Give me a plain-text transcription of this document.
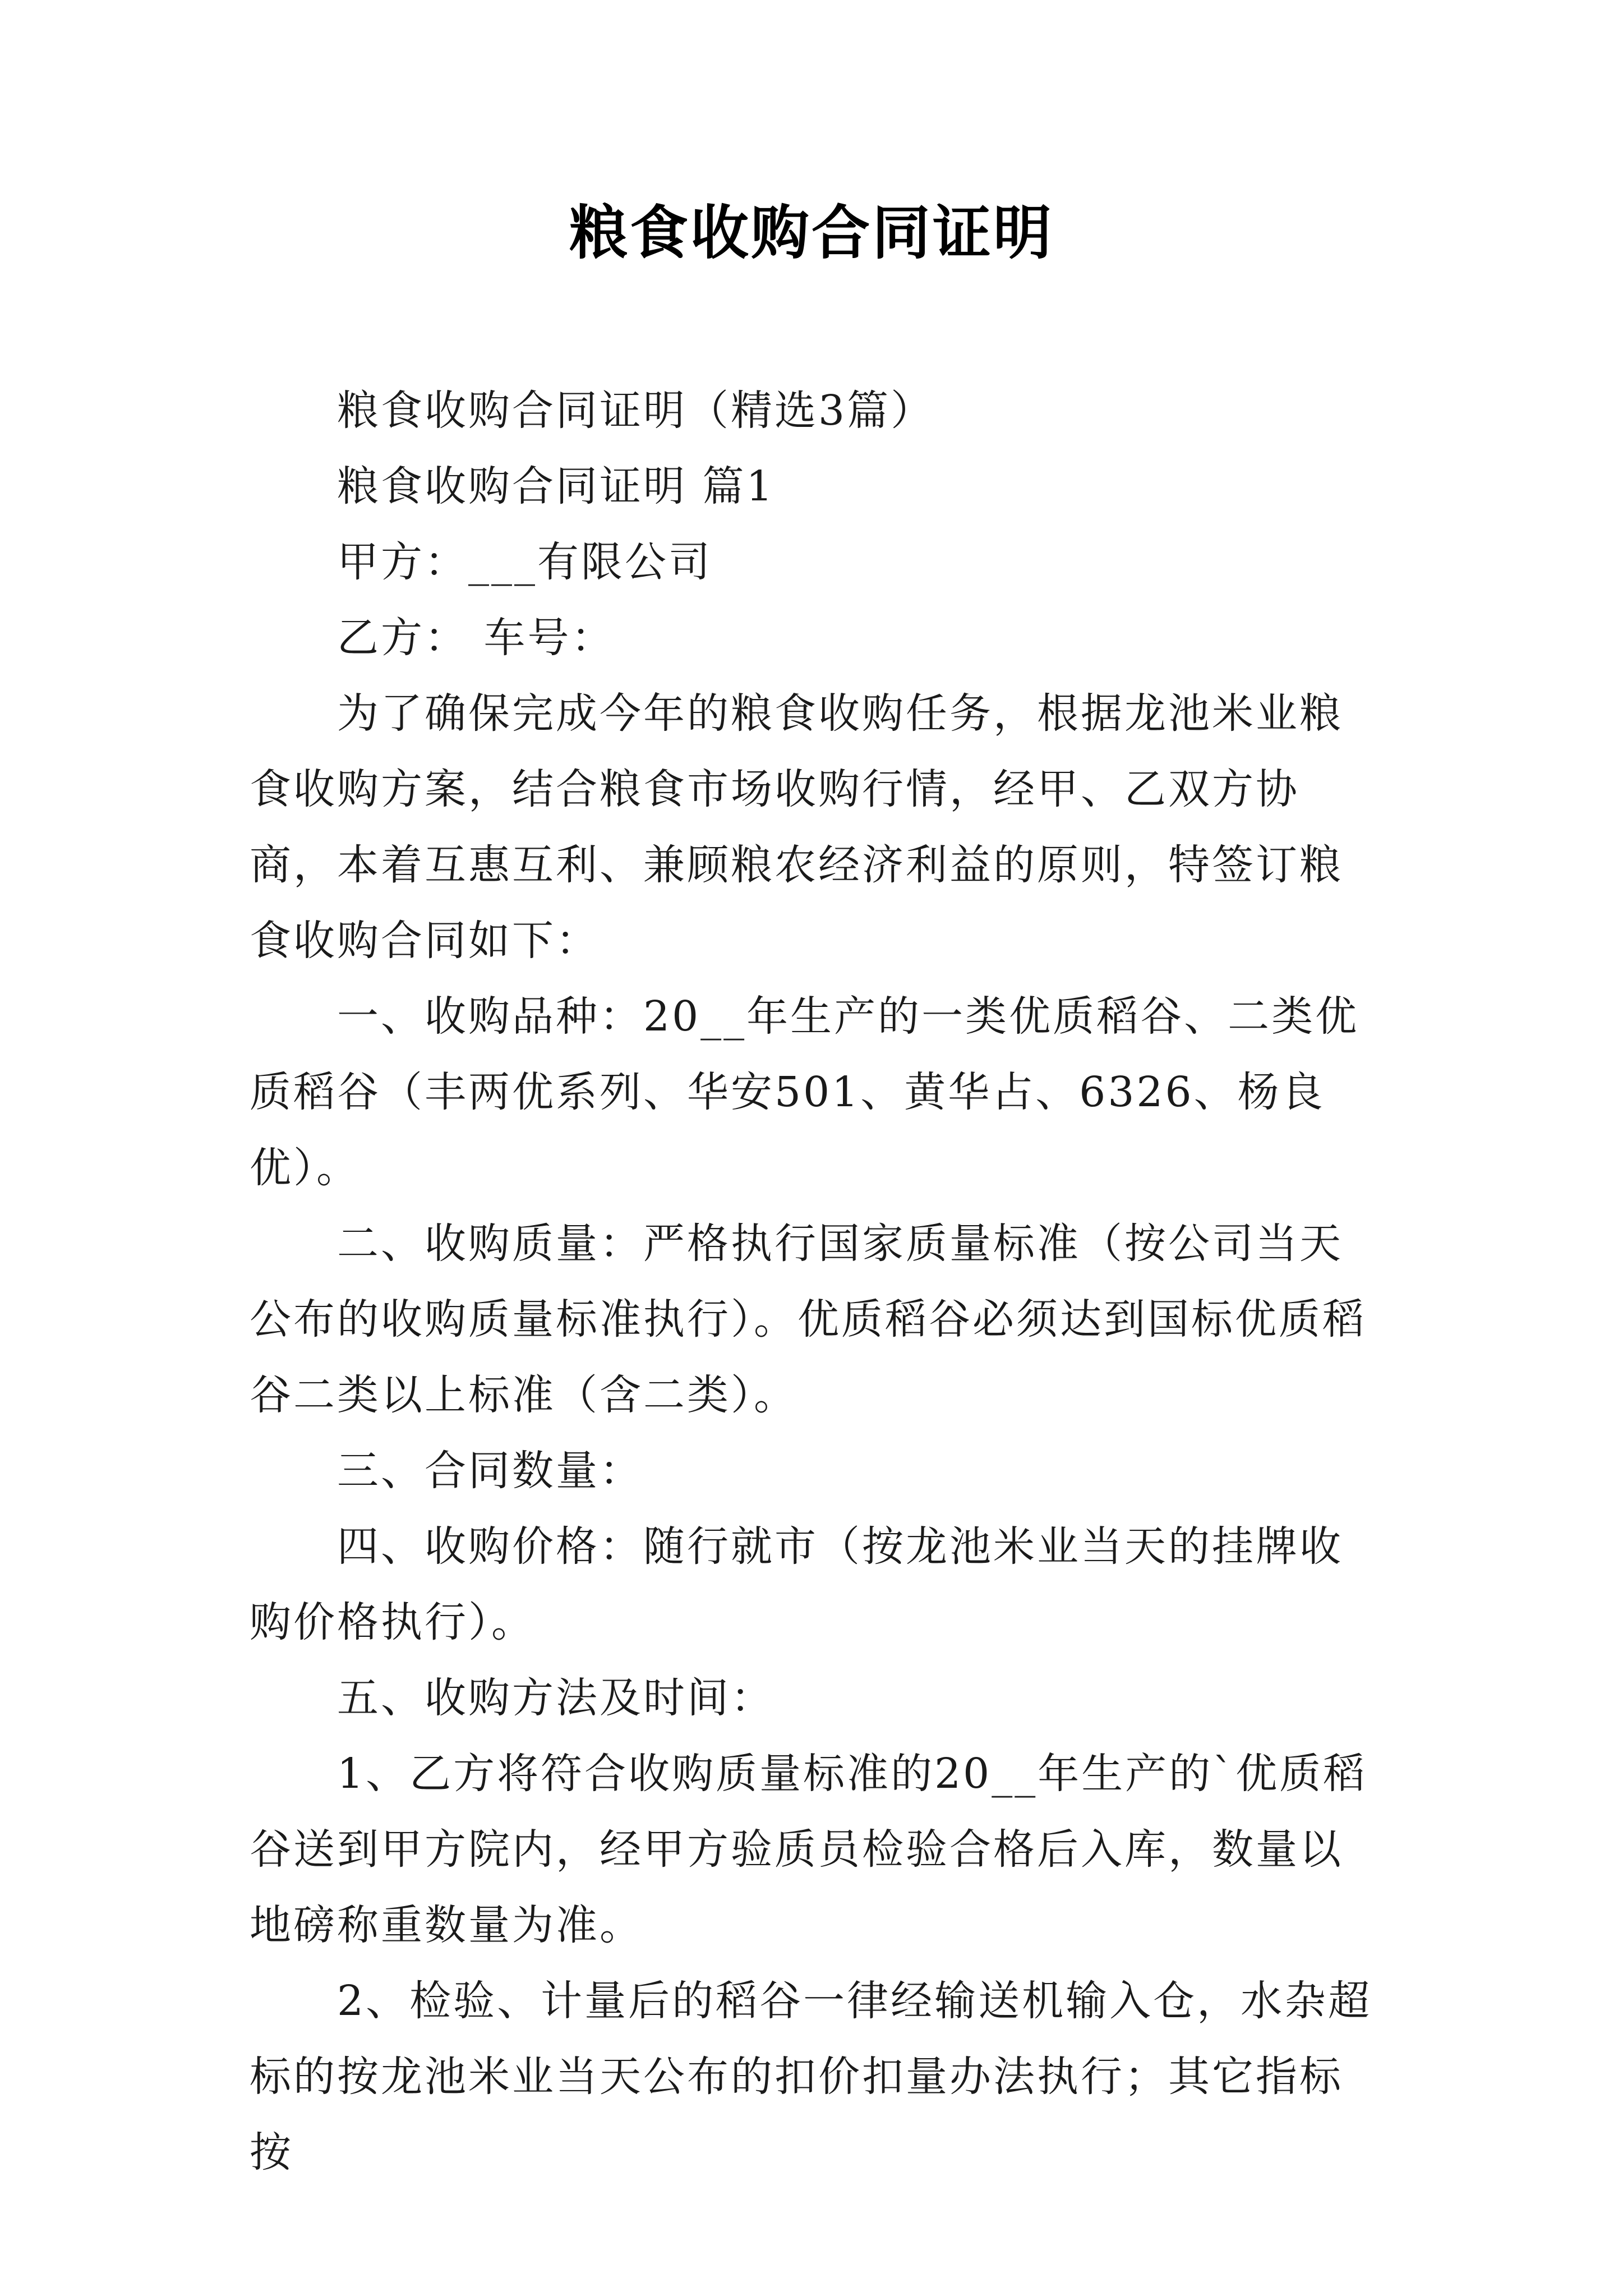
粮食收购合同证明

粮食收购合同证明（精选3篇）

粮食收购合同证明 篇1

甲方：___有限公司

乙方： 车号：

为了确保完成今年的粮食收购任务，根据龙池米业粮食收购方案，结合粮食市场收购行情，经甲、乙双方协商，本着互惠互利、兼顾粮农经济利益的原则，特签订粮食收购合同如下：

一、收购品种：20__年生产的一类优质稻谷、二类优质稻谷（丰两优系列、华安501、黄华占、6326、杨良优）。

二、收购质量：严格执行国家质量标准（按公司当天公布的收购质量标准执行）。优质稻谷必须达到国标优质稻谷二类以上标准（含二类）。

三、合同数量：

四、收购价格：随行就市（按龙池米业当天的挂牌收购价格执行）。

五、收购方法及时间：

1、乙方将符合收购质量标准的20__年生产的`优质稻谷送到甲方院内，经甲方验质员检验合格后入库，数量以地磅称重数量为准。

2、检验、计量后的稻谷一律经输送机输入仓，水杂超标的按龙池米业当天公布的扣价扣量办法执行；其它指标按
